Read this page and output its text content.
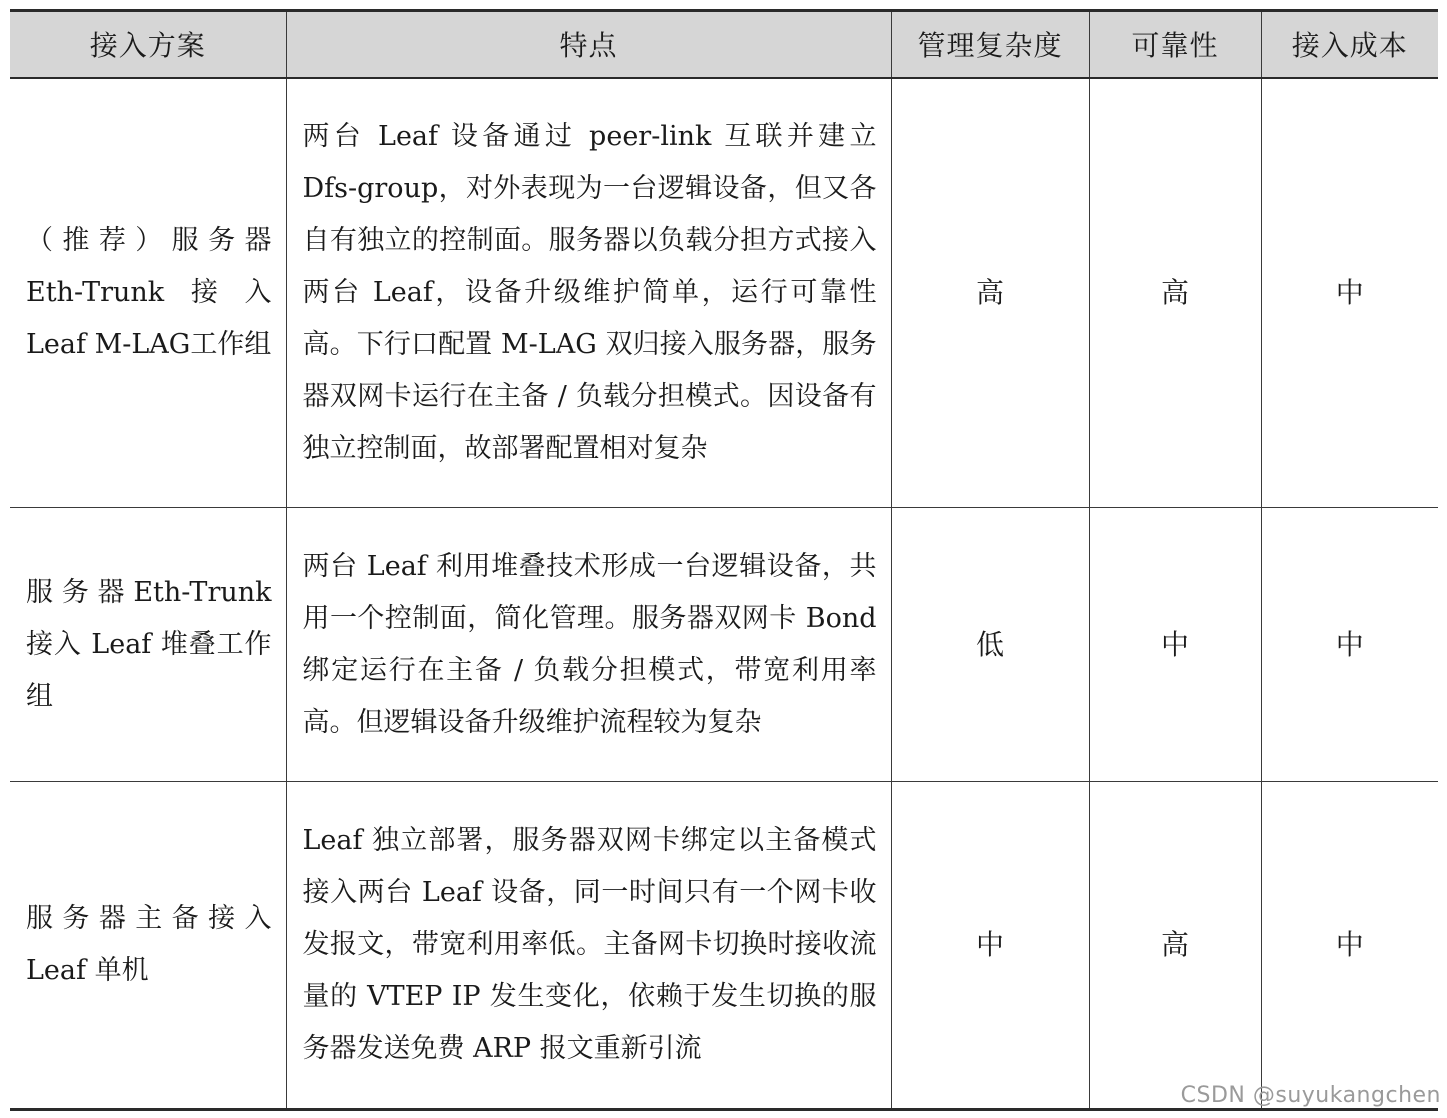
接入方案	特点	管理复杂度	可靠性	接入成本
（推荐）服务器Eth-Trunk接入Leaf M-LAG工作组	两台 Leaf 设备通过 peer-link 互联并建立 Dfs-group，对外表现为一台逻辑设备，但又各自有独立的控制面。服务器以负载分担方式接入两台 Leaf，设备升级维护简单，运行可靠性高。下行口配置 M-LAG 双归接入服务器，服务器双网卡运行在主备 / 负载分担模式。因设备有独立控制面，故部署配置相对复杂	高	高	中
服务器Eth-Trunk接入 Leaf 堆叠工作组	两台 Leaf 利用堆叠技术形成一台逻辑设备，共用一个控制面，简化管理。服务器双网卡 Bond 绑定运行在主备 / 负载分担模式，带宽利用率高。但逻辑设备升级维护流程较为复杂	低	中	中
服务器主备接入 Leaf 单机	Leaf 独立部署，服务器双网卡绑定以主备模式接入两台 Leaf 设备，同一时间只有一个网卡收发报文，带宽利用率低。主备网卡切换时接收流量的 VTEP IP 发生变化，依赖于发生切换的服务器发送免费 ARP 报文重新引流	中	高	中
CSDN @suyukangchen
